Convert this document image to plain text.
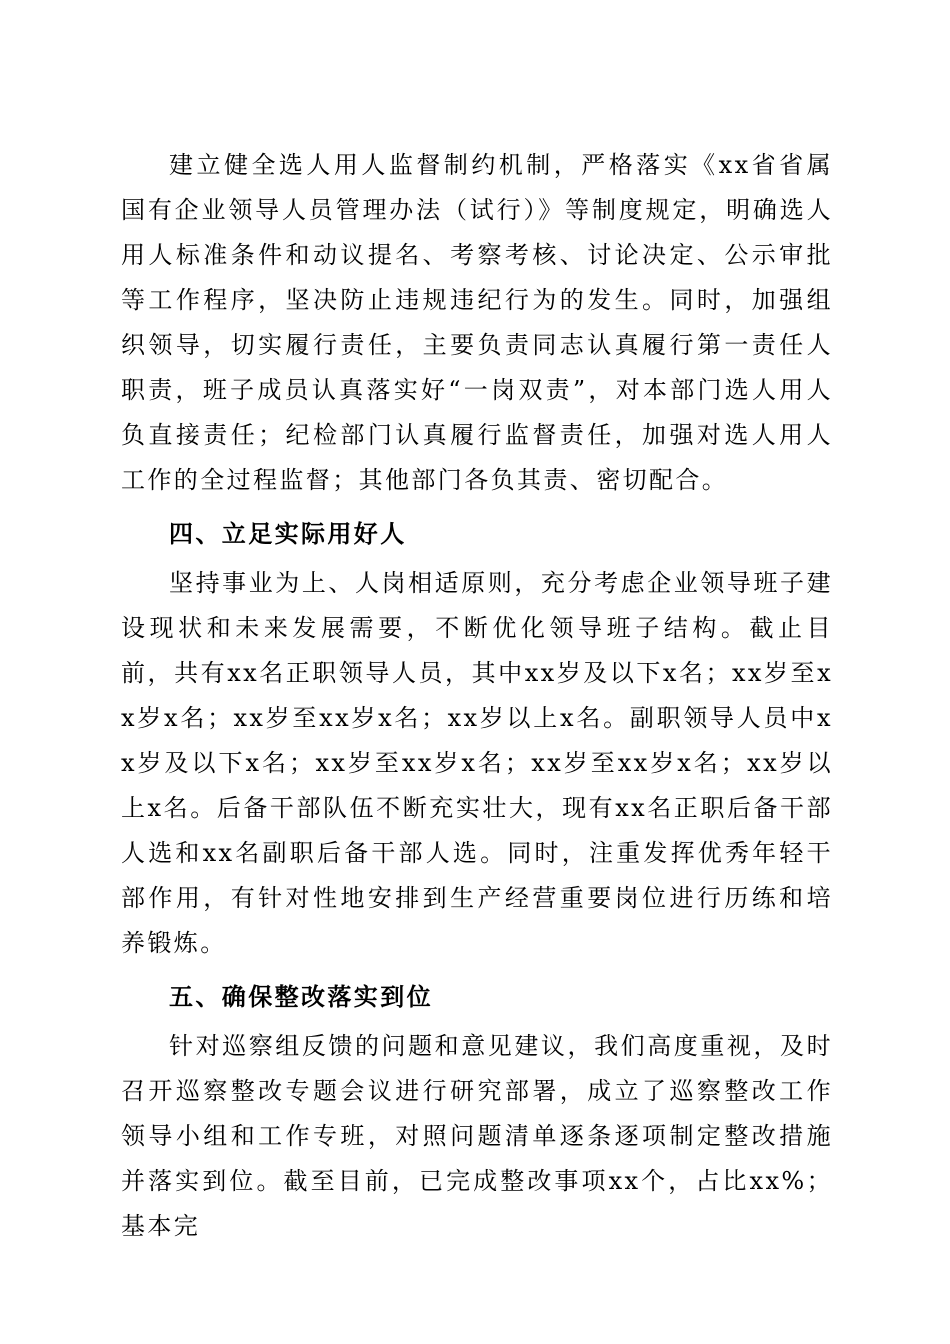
建立健全选人用人监督制约机制，严格落实《xx省省属国有企业领导人员管理办法（试行）》等制度规定，明确选人用人标准条件和动议提名、考察考核、讨论决定、公示审批等工作程序，坚决防止违规违纪行为的发生。同时，加强组织领导，切实履行责任，主要负责同志认真履行第一责任人职责，班子成员认真落实好“一岗双责”，对本部门选人用人负直接责任；纪检部门认真履行监督责任，加强对选人用人工作的全过程监督；其他部门各负其责、密切配合。

四、立足实际用好人

坚持事业为上、人岗相适原则，充分考虑企业领导班子建设现状和未来发展需要，不断优化领导班子结构。截止目前，共有xx名正职领导人员，其中xx岁及以下x名；xx岁至xx岁x名；xx岁至xx岁x名；xx岁以上x名。副职领导人员中xx岁及以下x名；xx岁至xx岁x名；xx岁至xx岁x名；xx岁以上x名。后备干部队伍不断充实壮大，现有xx名正职后备干部人选和xx名副职后备干部人选。同时，注重发挥优秀年轻干部作用，有针对性地安排到生产经营重要岗位进行历练和培养锻炼。

五、确保整改落实到位

针对巡察组反馈的问题和意见建议，我们高度重视，及时召开巡察整改专题会议进行研究部署，成立了巡察整改工作领导小组和工作专班，对照问题清单逐条逐项制定整改措施并落实到位。截至目前，已完成整改事项xx个，占比xx%；基本完
